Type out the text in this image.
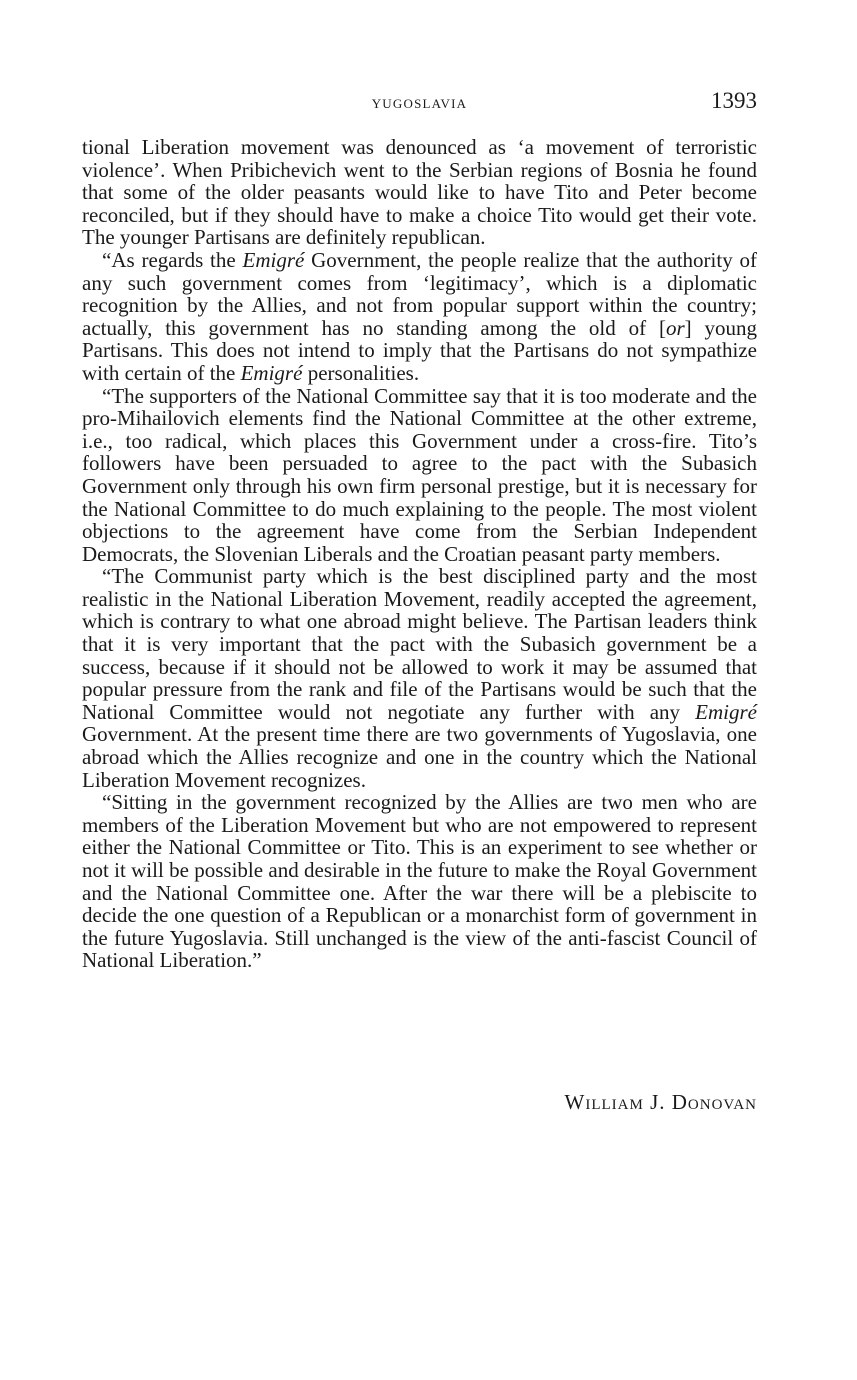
YUGOSLAVIA	1393

tional Liberation movement was denounced as ‘a movement of terroristic violence’. When Pribichevich went to the Serbian regions of Bosnia he found that some of the older peasants would like to have Tito and Peter become reconciled, but if they should have to make a choice Tito would get their vote. The younger Partisans are definitely republican.

“As regards the Emigré Government, the people realize that the authority of any such government comes from ‘legitimacy’, which is a diplomatic recognition by the Allies, and not from popular support within the country; actually, this government has no standing among the old of [or] young Partisans. This does not intend to imply that the Partisans do not sympathize with certain of the Emigré personalities.

“The supporters of the National Committee say that it is too moderate and the pro-Mihailovich elements find the National Committee at the other extreme, i.e., too radical, which places this Government under a cross-fire. Tito’s followers have been persuaded to agree to the pact with the Subasich Government only through his own firm personal prestige, but it is necessary for the National Committee to do much explaining to the people. The most violent objections to the agreement have come from the Serbian Independent Democrats, the Slovenian Liberals and the Croatian peasant party members.

“The Communist party which is the best disciplined party and the most realistic in the National Liberation Movement, readily accepted the agreement, which is contrary to what one abroad might believe. The Partisan leaders think that it is very important that the pact with the Subasich government be a success, because if it should not be allowed to work it may be assumed that popular pressure from the rank and file of the Partisans would be such that the National Committee would not negotiate any further with any Emigré Government. At the present time there are two governments of Yugoslavia, one abroad which the Allies recognize and one in the country which the National Liberation Movement recognizes.

“Sitting in the government recognized by the Allies are two men who are members of the Liberation Movement but who are not empowered to represent either the National Committee or Tito. This is an experiment to see whether or not it will be possible and desirable in the future to make the Royal Government and the National Committee one. After the war there will be a plebiscite to decide the one question of a Republican or a monarchist form of government in the future Yugoslavia. Still unchanged is the view of the anti-fascist Council of National Liberation.”

William J. Donovan
